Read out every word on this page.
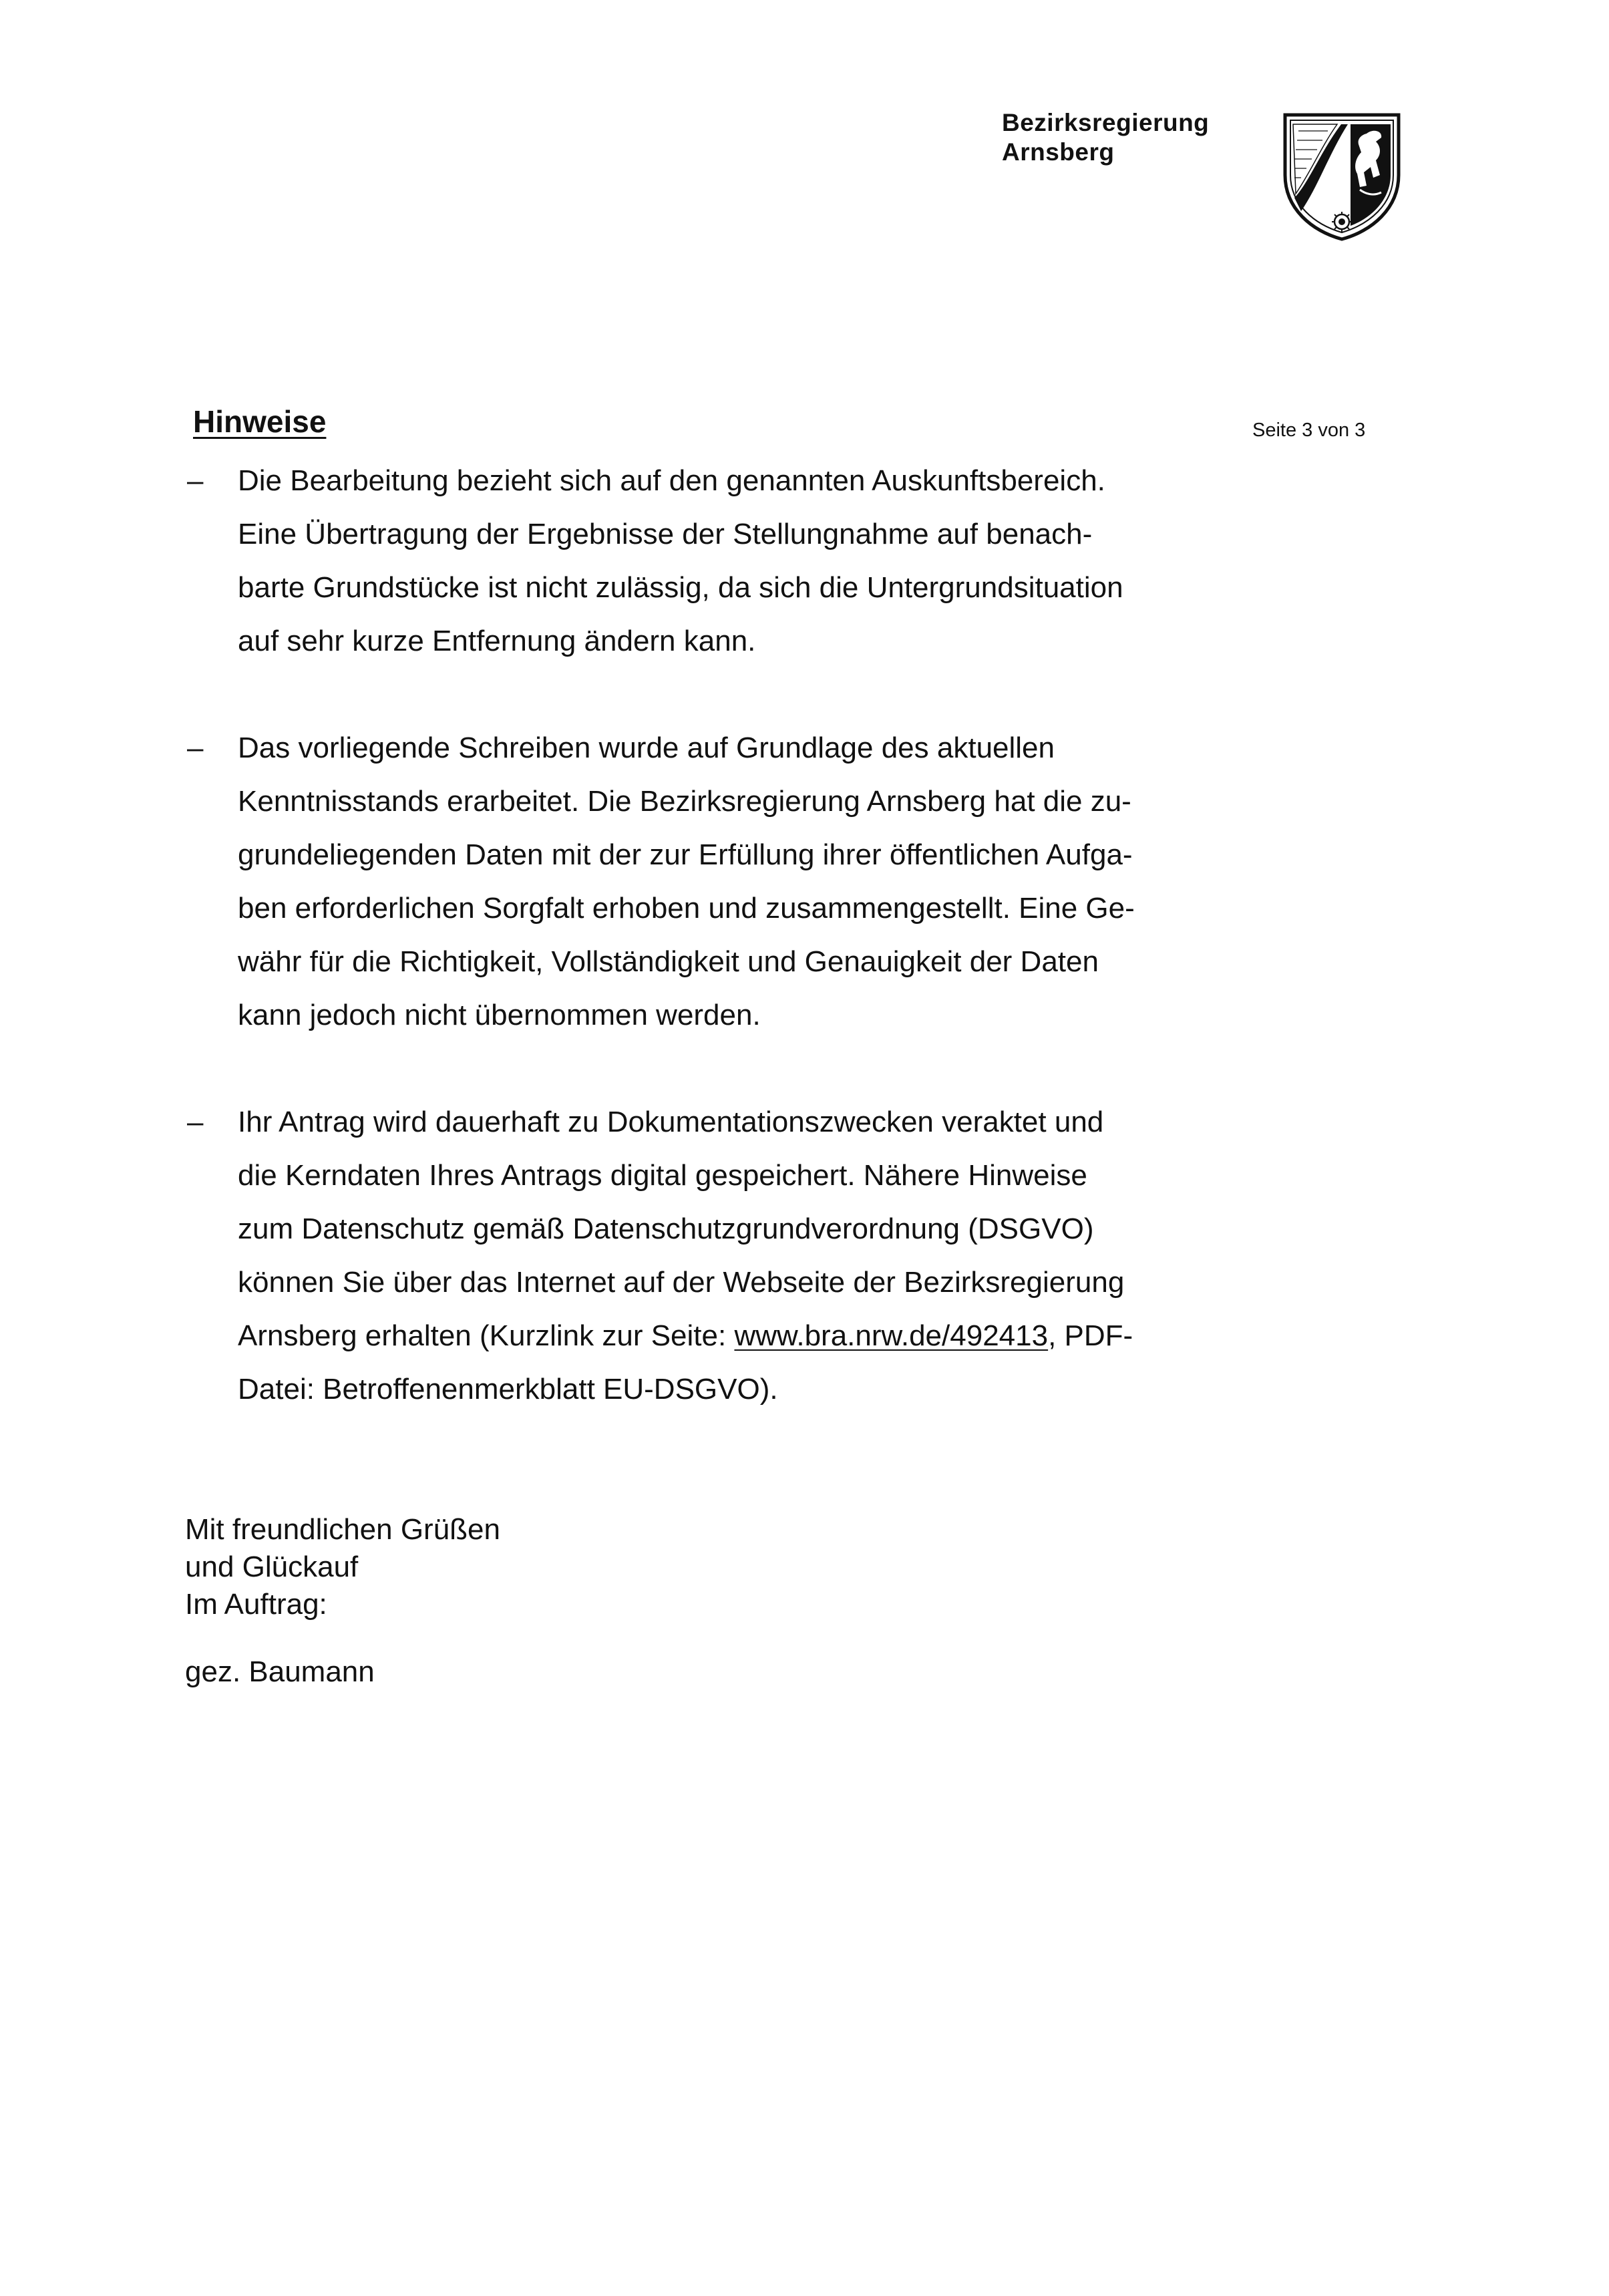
Bezirksregierung
Arnsberg
Seite 3 von 3
Hinweise
– Die Bearbeitung bezieht sich auf den genannten Auskunftsbereich.
Eine Übertragung der Ergebnisse der Stellungnahme auf benach-
barte Grundstücke ist nicht zulässig, da sich die Untergrundsituation
auf sehr kurze Entfernung ändern kann.
– Das vorliegende Schreiben wurde auf Grundlage des aktuellen
Kenntnisstands erarbeitet. Die Bezirksregierung Arnsberg hat die zu-
grundeliegenden Daten mit der zur Erfüllung ihrer öffentlichen Aufga-
ben erforderlichen Sorgfalt erhoben und zusammengestellt. Eine Ge-
währ für die Richtigkeit, Vollständigkeit und Genauigkeit der Daten
kann jedoch nicht übernommen werden.
– Ihr Antrag wird dauerhaft zu Dokumentationszwecken veraktet und
die Kerndaten Ihres Antrags digital gespeichert. Nähere Hinweise
zum Datenschutz gemäß Datenschutzgrundverordnung (DSGVO)
können Sie über das Internet auf der Webseite der Bezirksregierung
Arnsberg erhalten (Kurzlink zur Seite: www.bra.nrw.de/492413, PDF-
Datei: Betroffenenmerkblatt EU-DSGVO).
Mit freundlichen Grüßen
und Glückauf
Im Auftrag:
gez. Baumann
